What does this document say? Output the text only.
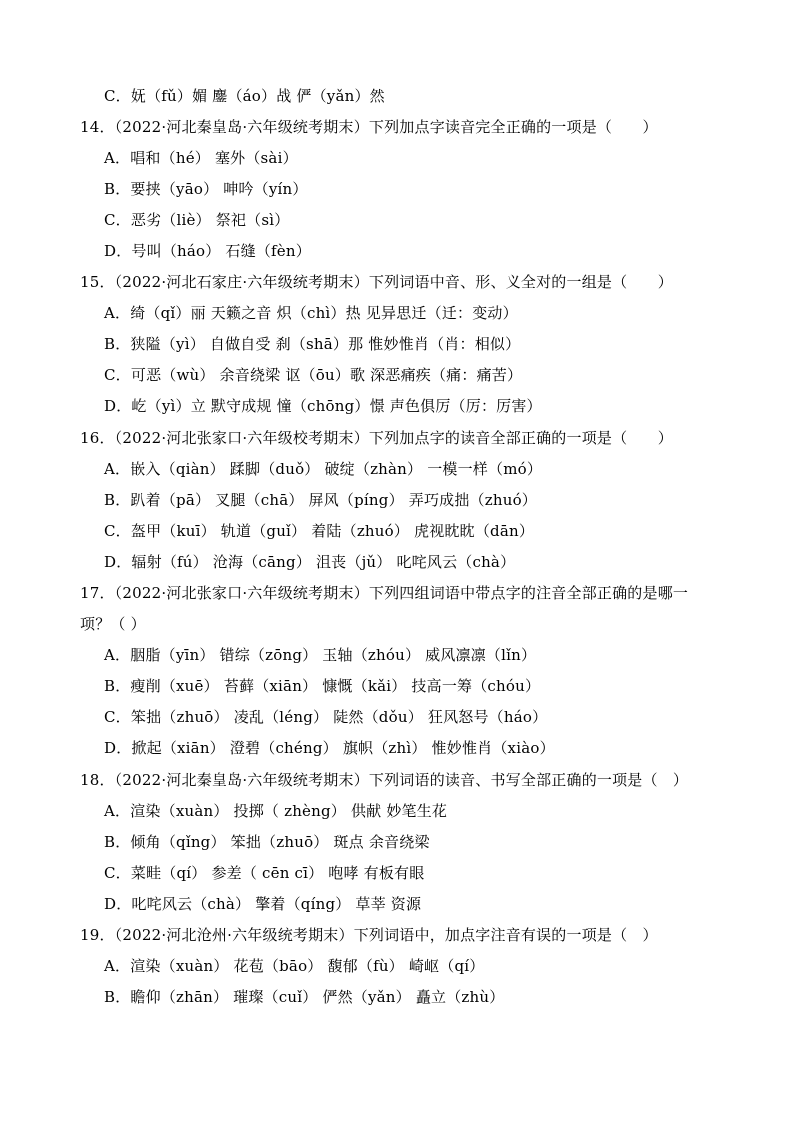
C．妩（fǔ）媚 鏖（áo）战 俨（yǎn）然
14．（2022·河北秦皇岛·六年级统考期末）下列加点字读音完全正确的一项是（　　）
A．唱和（hé） 塞外（sài）
B．要挟（yāo） 呻吟（yín）
C．恶劣（liè） 祭祀（sì）
D．号叫（háo） 石缝（fèn）
15．（2022·河北石家庄·六年级统考期末）下列词语中音、形、义全对的一组是（　　）
A．绮（qǐ）丽 天籁之音 炽（chì）热 见异思迁（迁：变动）
B．狭隘（yì） 自做自受 刹（shā）那 惟妙惟肖（肖：相似）
C．可恶（wù） 余音绕梁 讴（ōu）歌 深恶痛疾（痛：痛苦）
D．屹（yì）立 默守成规 憧（chōng）憬 声色俱厉（厉：厉害）
16．（2022·河北张家口·六年级校考期末）下列加点字的读音全部正确的一项是（　　）
A．嵌入（qiàn） 蹂脚（duǒ） 破绽（zhàn） 一模一样（mó）
B．趴着（pā） 叉腿（chā） 屏风（píng） 弄巧成拙（zhuó）
C．盔甲（kuī） 轨道（guǐ） 着陆（zhuó） 虎视眈眈（dān）
D．辐射（fú） 沧海（cāng） 沮丧（jǔ） 叱咤风云（chà）
17．（2022·河北张家口·六年级统考期末）下列四组词语中带点字的注音全部正确的是哪一
项？（ ）
A．胭脂（yīn） 错综（zōng） 玉轴（zhóu） 威风凛凛（lǐn）
B．瘦削（xuē） 苔藓（xiān） 慷慨（kǎi） 技高一筹（chóu）
C．笨拙（zhuō） 凌乱（léng） 陡然（dǒu） 狂风怒号（háo）
D．掀起（xiān） 澄碧（chéng） 旗帜（zhì） 惟妙惟肖（xiào）
18．（2022·河北秦皇岛·六年级统考期末）下列词语的读音、书写全部正确的一项是（　）
A．渲染（xuàn） 投掷（ zhèng） 供献 妙笔生花
B．倾角（qǐng） 笨拙（zhuō） 斑点 余音绕梁
C．菜畦（qí） 参差（ cēn cī） 咆哮 有板有眼
D．叱咤风云（chà） 擎着（qíng） 草莘 资源
19．（2022·河北沧州·六年级统考期末）下列词语中，加点字注音有误的一项是（　）
A．渲染（xuàn） 花苞（bāo） 馥郁（fù） 崎岖（qí）
B．瞻仰（zhān） 璀璨（cuǐ） 俨然（yǎn） 矗立（zhù）
